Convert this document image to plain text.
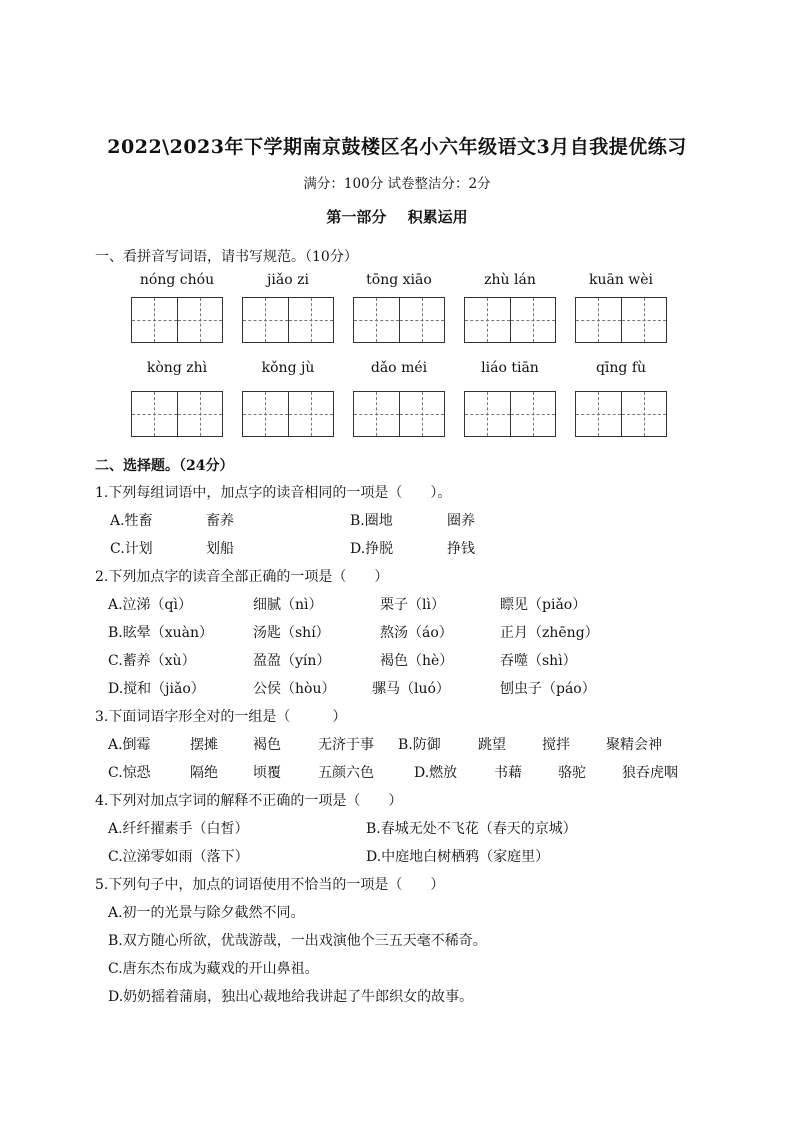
2022\2023年下学期南京鼓楼区名小六年级语文3月自我提优练习
满分：100分 试卷整洁分：2分
第一部分 积累运用
一、看拼音写词语，请书写规范。（10分）
nóng chóu	jiǎo zi	tōng xiāo	zhù lán	kuān wèi
kòng zhì	kǒng jù	dǎo méi	liáo tiān	qīng fù
二、选择题。（24分）
1.下列每组词语中，加点字的读音相同的一项是（　　）。
A.牲畜	畜养	B.圈地	圈养
C.计划	划船	D.挣脱	挣钱
2.下列加点字的读音全部正确的一项是（　　）
A.泣涕（qì）	细腻（nì）	栗子（lì）	瞟见（piǎo）
B.眩晕（xuàn）	汤匙（shí）	熬汤（áo）	正月（zhēng）
C.蓄养（xù）	盈盈（yín）	褐色（hè）	吞噬（shì）
D.搅和（jiǎo）	公侯（hòu）	骡马（luó）	刨虫子（páo）
3.下面词语字形全对的一组是（　　　）
A.倒霉	摆摊	褐色	无济于事 B.防御	跳望	搅拌	聚精会神
C.惊恐	隔绝	顷覆	五颜六色	D.燃放	书藉	骆驼	狼吞虎咽
4.下列对加点字词的解释不正确的一项是（　　）
A.纤纤擢素手（白皙）	B.春城无处不飞花（春天的京城）
C.泣涕零如雨（落下）	D.中庭地白树栖鸦（家庭里）
5.下列句子中，加点的词语使用不恰当的一项是（　　）
A.初一的光景与除夕截然不同。
B.双方随心所欲，优哉游哉，一出戏演他个三五天毫不稀奇。
C.唐东杰布成为藏戏的开山鼻祖。
D.奶奶摇着蒲扇，独出心裁地给我讲起了牛郎织女的故事。
